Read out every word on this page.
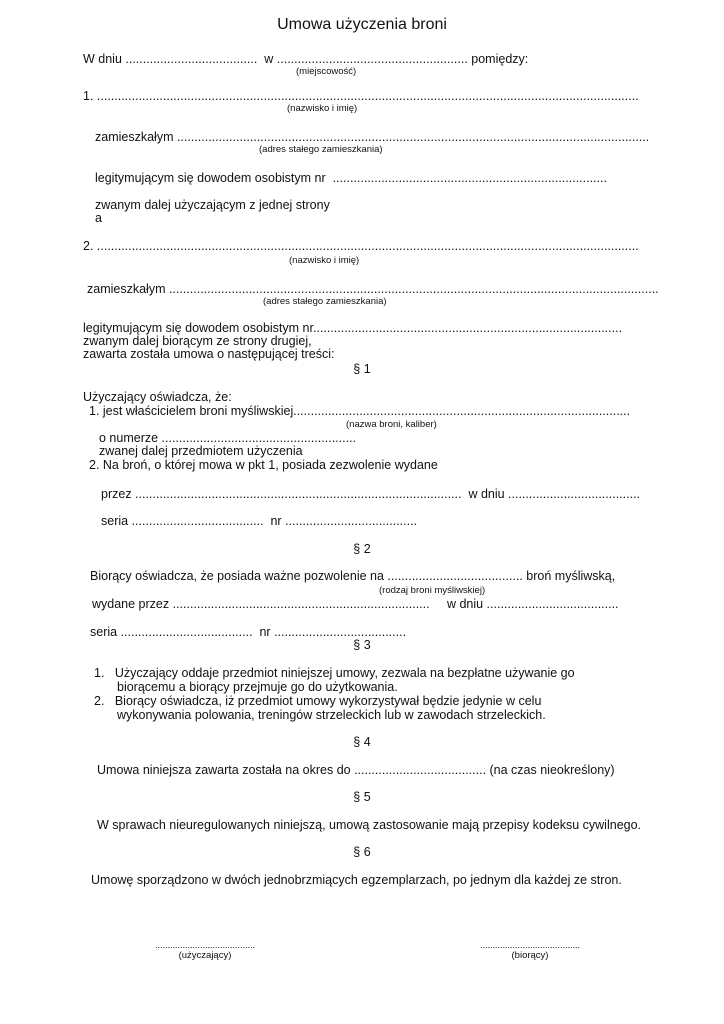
Umowa użyczenia broni
W dniu ......................................  w ....................................................... pomiędzy:
(miejscowość)
1. ............................................................................................................................................................
(nazwisko i imię)
zamieszkałym ........................................................................................................................................
(adres stałego zamieszkania)
legitymującym się dowodem osobistym nr  ...............................................................................
zwanym dalej użyczającym z jednej strony
a
2. ............................................................................................................................................................
(nazwisko i imię)
zamieszkałym .............................................................................................................................................
(adres stałego zamieszkania)
legitymującym się dowodem osobistym nr.........................................................................................
zwanym dalej biorącym ze strony drugiej,
zawarta została umowa o następującej treści:
§ 1
Użyczający oświadcza, że:
1. jest właścicielem broni myśliwskiej.................................................................................................
(nazwa broni, kaliber)
o numerze ........................................................
zwanej dalej przedmiotem użyczenia
2. Na broń, o której mowa w pkt 1, posiada zezwolenie wydane
przez ..............................................................................................  w dniu ......................................
seria ......................................  nr ......................................
§ 2
Biorący oświadcza, że posiada ważne pozwolenie na ....................................... broń myśliwską,
(rodzaj broni myśliwskiej)
wydane przez ..........................................................................     w dniu ......................................
seria ......................................  nr ......................................
§ 3
1.   Użyczający oddaje przedmiot niniejszej umowy, zezwala na bezpłatne używanie go
biorącemu a biorący przejmuje go do użytkowania.
2.   Biorący oświadcza, iż przedmiot umowy wykorzystywał będzie jedynie w celu
wykonywania polowania, treningów strzeleckich lub w zawodach strzeleckich.
§ 4
Umowa niniejsza zawarta została na okres do ...................................... (na czas nieokreślony)
§ 5
W sprawach nieuregulowanych niniejszą, umową zastosowanie mają przepisy kodeksu cywilnego.
§ 6
Umowę sporządzono w dwóch jednobrzmiących egzemplarzach, po jednym dla każdej ze stron.
........................................
(użyczający)
........................................
(biorący)
